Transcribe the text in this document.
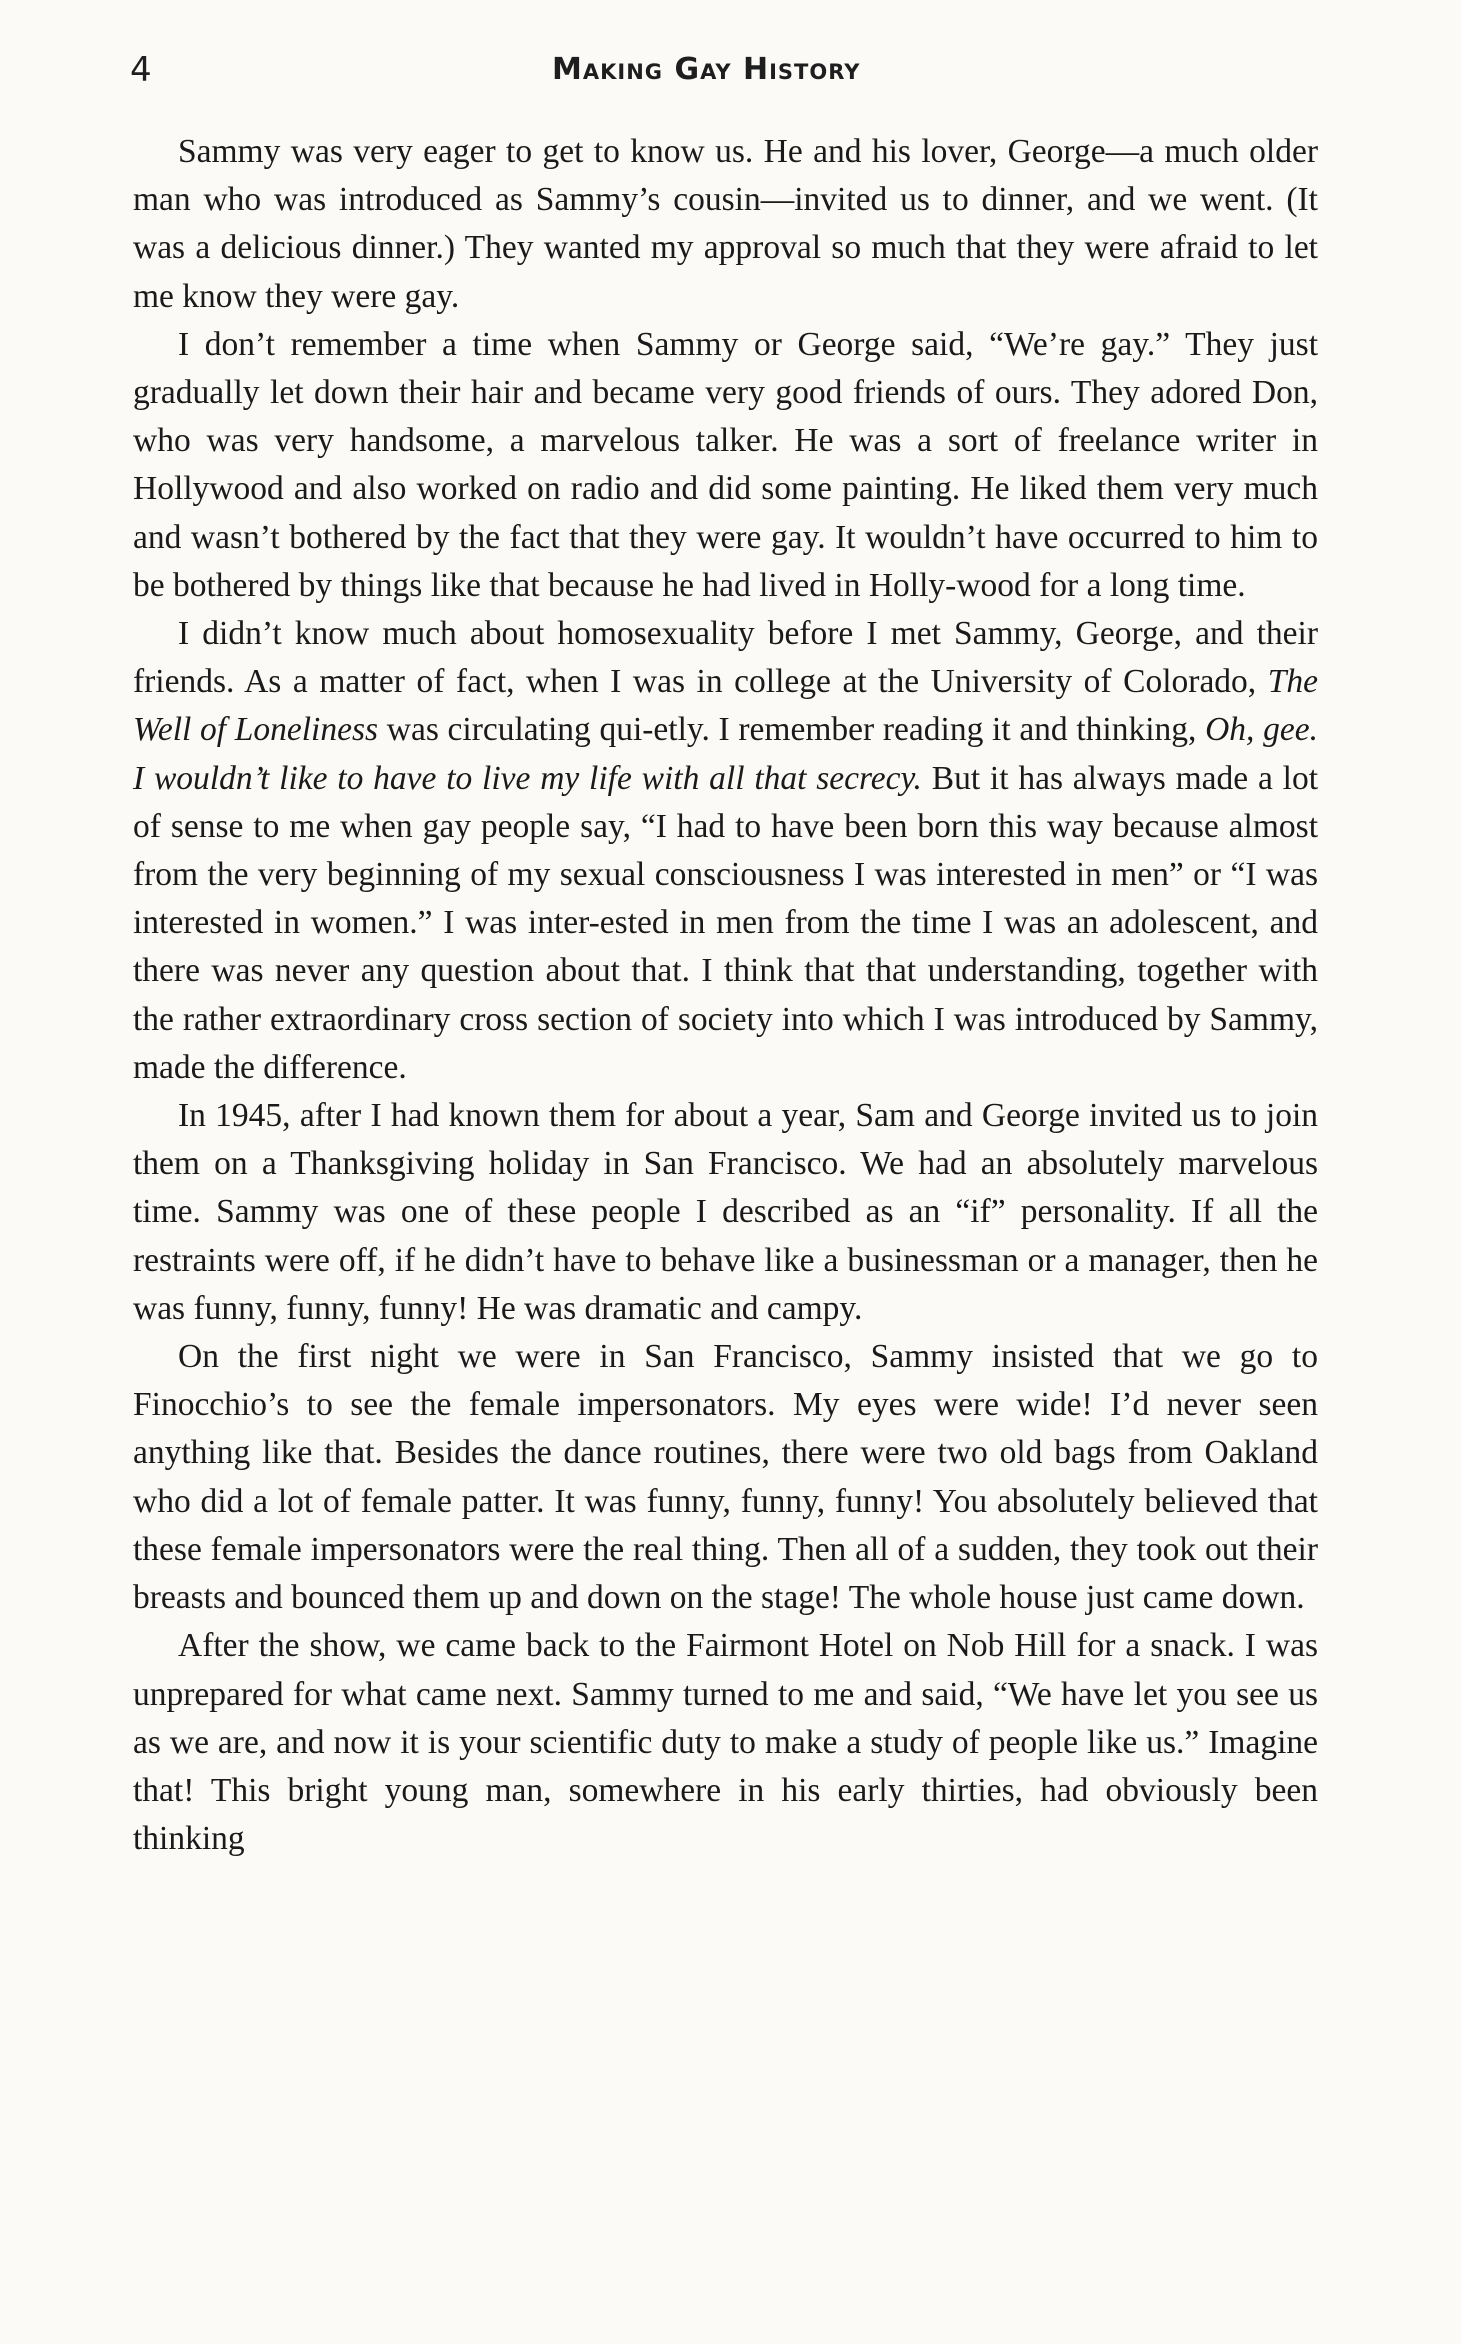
4	Making Gay History

Sammy was very eager to get to know us. He and his lover, George—a much older man who was introduced as Sammy’s cousin—invited us to dinner, and we went. (It was a delicious dinner.) They wanted my approval so much that they were afraid to let me know they were gay.

I don’t remember a time when Sammy or George said, “We’re gay.” They just gradually let down their hair and became very good friends of ours. They adored Don, who was very handsome, a marvelous talker. He was a sort of freelance writer in Hollywood and also worked on radio and did some painting. He liked them very much and wasn’t bothered by the fact that they were gay. It wouldn’t have occurred to him to be bothered by things like that because he had lived in Holly-wood for a long time.

I didn’t know much about homosexuality before I met Sammy, George, and their friends. As a matter of fact, when I was in college at the University of Colorado, The Well of Loneliness was circulating qui-etly. I remember reading it and thinking, Oh, gee. I wouldn’t like to have to live my life with all that secrecy. But it has always made a lot of sense to me when gay people say, “I had to have been born this way because almost from the very beginning of my sexual consciousness I was interested in men” or “I was interested in women.” I was inter-ested in men from the time I was an adolescent, and there was never any question about that. I think that that understanding, together with the rather extraordinary cross section of society into which I was introduced by Sammy, made the difference.

In 1945, after I had known them for about a year, Sam and George invited us to join them on a Thanksgiving holiday in San Francisco. We had an absolutely marvelous time. Sammy was one of these people I described as an “if” personality. If all the restraints were off, if he didn’t have to behave like a businessman or a manager, then he was funny, funny, funny! He was dramatic and campy.

On the first night we were in San Francisco, Sammy insisted that we go to Finocchio’s to see the female impersonators. My eyes were wide! I’d never seen anything like that. Besides the dance routines, there were two old bags from Oakland who did a lot of female patter. It was funny, funny, funny! You absolutely believed that these female impersonators were the real thing. Then all of a sudden, they took out their breasts and bounced them up and down on the stage! The whole house just came down.

After the show, we came back to the Fairmont Hotel on Nob Hill for a snack. I was unprepared for what came next. Sammy turned to me and said, “We have let you see us as we are, and now it is your scientific duty to make a study of people like us.” Imagine that! This bright young man, somewhere in his early thirties, had obviously been thinking
